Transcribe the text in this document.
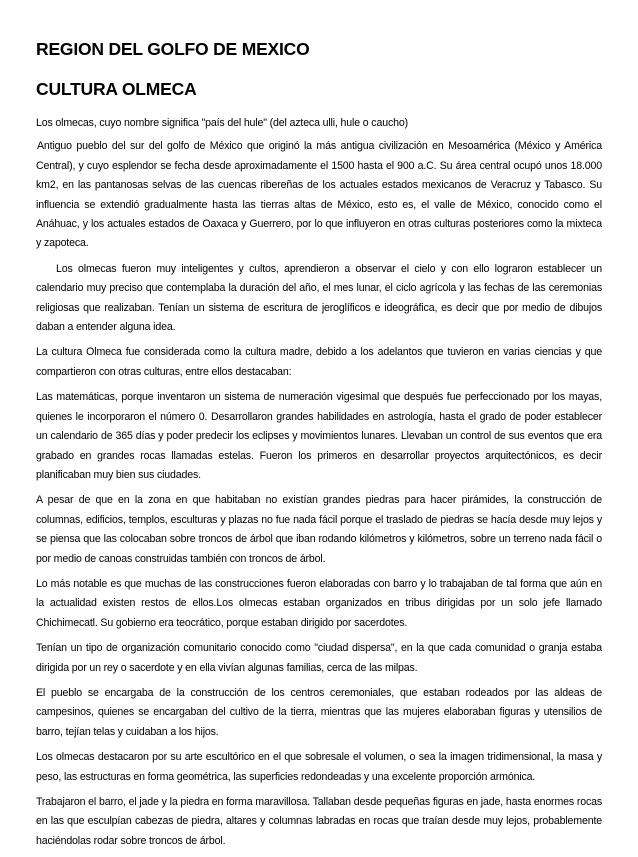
REGION DEL GOLFO DE MEXICO
CULTURA OLMECA

Los olmecas, cuyo nombre significa "país del hule" (del azteca ulli, hule o caucho)

Antiguo pueblo del sur del golfo de México que originó la más antigua civilización en Mesoamérica (México y América Central), y cuyo esplendor se fecha desde aproximadamente el 1500 hasta el 900 a.C. Su área central ocupó unos 18.000 km2, en las pantanosas selvas de las cuencas ribereñas de los actuales estados mexicanos de Veracruz y Tabasco. Su influencia se extendió gradualmente hasta las tierras altas de México, esto es, el valle de México, conocido como el Anáhuac, y los actuales estados de Oaxaca y Guerrero, por lo que influyeron en otras culturas posteriores como la mixteca y zapoteca.

Los olmecas fueron muy inteligentes y cultos, aprendieron a observar el cielo y con ello lograron establecer un calendario muy preciso que contemplaba la duración del año, el mes lunar, el ciclo agrícola y las fechas de las ceremonias religiosas que realizaban. Tenían un sistema de escritura de jeroglíficos e ideográfica, es decir que por medio de dibujos daban a entender alguna idea.

La cultura Olmeca fue considerada como la cultura madre, debido a los adelantos que tuvieron en varias ciencias y que compartieron con otras culturas, entre ellos destacaban:

Las matemáticas, porque inventaron un sistema de numeración vigesimal que después fue perfeccionado por los mayas, quienes le incorporaron el número 0. Desarrollaron grandes habilidades en astrología, hasta el grado de poder establecer un calendario de 365 días y poder predecir los eclipses y movimientos lunares. Llevaban un control de sus eventos que era grabado en grandes rocas llamadas estelas. Fueron los primeros en desarrollar proyectos arquitectónicos, es decir planificaban muy bien sus ciudades.

A pesar de que en la zona en que habitaban no existían grandes piedras para hacer pirámides, la construcción de columnas, edificios, templos, esculturas y plazas no fue nada fácil porque el traslado de piedras se hacía desde muy lejos y se piensa que las colocaban sobre troncos de árbol que iban rodando kilómetros y kilómetros, sobre un terreno nada fácil o por medio de canoas construidas también con troncos de árbol.

Lo más notable es que muchas de las construcciones fueron elaboradas con barro y lo trabajaban de tal forma que aún en la actualidad existen restos de ellos.Los olmecas estaban organizados en tribus dirigidas por un solo jefe llamado Chichimecatl. Su gobierno era teocrático, porque estaban dirigido por sacerdotes.

Tenían un tipo de organización comunitario conocido como "ciudad dispersa", en la que cada comunidad o granja estaba dirigida por un rey o sacerdote y en ella vivían algunas familias, cerca de las milpas.

El pueblo se encargaba de la construcción de los centros ceremoniales, que estaban rodeados por las aldeas de campesinos, quienes se encargaban del cultivo de la tierra, mientras que las mujeres elaboraban figuras y utensilios de barro, tejían telas y cuidaban a los hijos.

Los olmecas destacaron por su arte escultórico en el que sobresale el volumen, o sea la imagen tridimensional, la masa y peso, las estructuras en forma geométrica, las superficies redondeadas y una excelente proporción armónica.

Trabajaron el barro, el jade y la piedra en forma maravillosa. Tallaban desde pequeñas figuras en jade, hasta enormes rocas en las que esculpían cabezas de piedra, altares y columnas labradas en rocas que traían desde muy lejos, probablemente haciéndolas rodar sobre troncos de árbol.
